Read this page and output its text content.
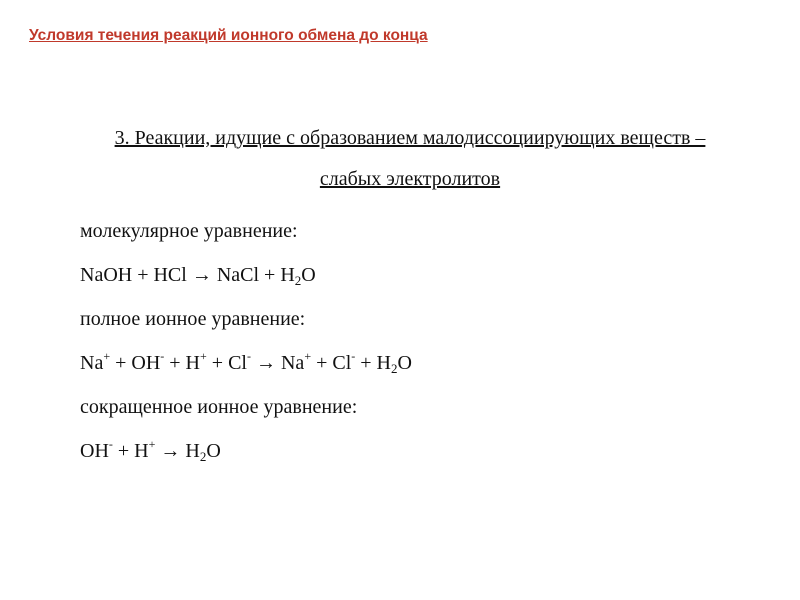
Условия течения реакций ионного обмена до конца
3. Реакции, идущие с образованием малодиссоциирующих веществ –
слабых электролитов
молекулярное уравнение:
NaOH + HCl → NaCl + $H_2O$
полное ионное уравнение:
$Na^+ + OH^- + H^+ + Cl^- \to Na^+ + Cl^- + H_2O$
сокращенное ионное уравнение:
$OH^- + H^+ \to H_2O$
